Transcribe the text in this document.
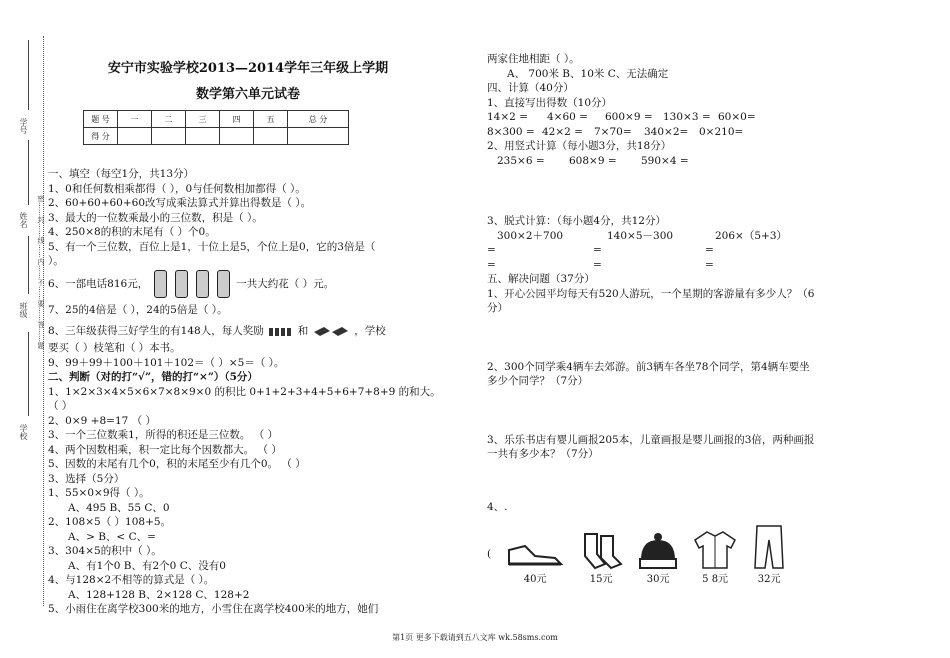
学号
姓名 密……封……线……内……不……要……答……题
班级
学校
安宁市实验学校2013—2014学年三年级上学期
数学第六单元试卷
题 号	一	二	三	四	五	总 分
得 分						
一、填空（每空1分，共13分）
1、0和任何数相乘都得（ ），0与任何数相加都得（ ）。
2、60+60+60+60改写成乘法算式并算出得数是（ ）。
3、最大的一位数乘最小的三位数，积是（ ）。
4、250×8的积的末尾有（ ）个0。
5、有一个三位数，百位上是1，十位上是5，个位上是0，它的3倍是（
）。
6、一部电话816元，	一共大约花（ ）元。
7、25的4倍是（ ），24的5倍是（ ）。
8、三年级获得三好学生的有148人，每人奖励	和	，学校
要买（ ）枝笔和（ ）本书。
9、99＋99＋100＋101＋102＝（ ）×5＝（ ）。
二、判断（对的打“√”，错的打“×”）（5分）
1、1×2×3×4×5×6×7×8×9×0 的积比 0+1+2+3+4+5+6+7+8+9 的和大。
（ ）
2、0×9 +8=17 （ ）
3、一个三位数乘1，所得的积还是三位数。 （ ）
4、两个因数相乘，积一定比每个因数都大。 （ ）
5、因数的末尾有几个0，积的末尾至少有几个0。 （ ）
3、选择（5分）
1、55×0×9得（ ）。
A、495 B、55 C、0
2、108×5（ ）108+5。
A、> B、< C、=
3、304×5的积中（ ）。
A、有1个0 B、有2个0 C、没有0
4、与128×2不相等的算式是（ ）。
A、128+128 B、2×128 C、128+2
5、小雨住在离学校300米的地方，小雪住在离学校400米的地方，她们
两家住地相距（ ）。
A、 700米 B、10米 C、无法确定
四、计算（40分）
1、直接写出得数（10分）
14×2 =	4×60 =	600×9 = 130×3 = 60×0=
8×300 = 42×2 =	7×70=	340×2=	0×210=
2、用竖式计算（每小题3分，共18分）
235×6 =	608×9 =	590×4 =
3、脱式计算：（每小题4分，共12分）
300×2＋700	140×5－300	206×（5+3）
=	=	=
=	=	=
五、解决问题（37分）
1、开心公园平均每天有520人游玩，一个星期的客游量有多少人？（6
分）
2、300个同学乘4辆车去郊游。前3辆车各坐78个同学，第4辆车要坐
多少个同学？（7分）
3、乐乐书店有婴儿画报205本，儿童画报是婴儿画报的3倍，两种画报
一共有多少本？（7分）
4、.
(
40元	15元	30元	5 8元	32元
第1页 更多下载请到五八文库 wk.58sms.com
